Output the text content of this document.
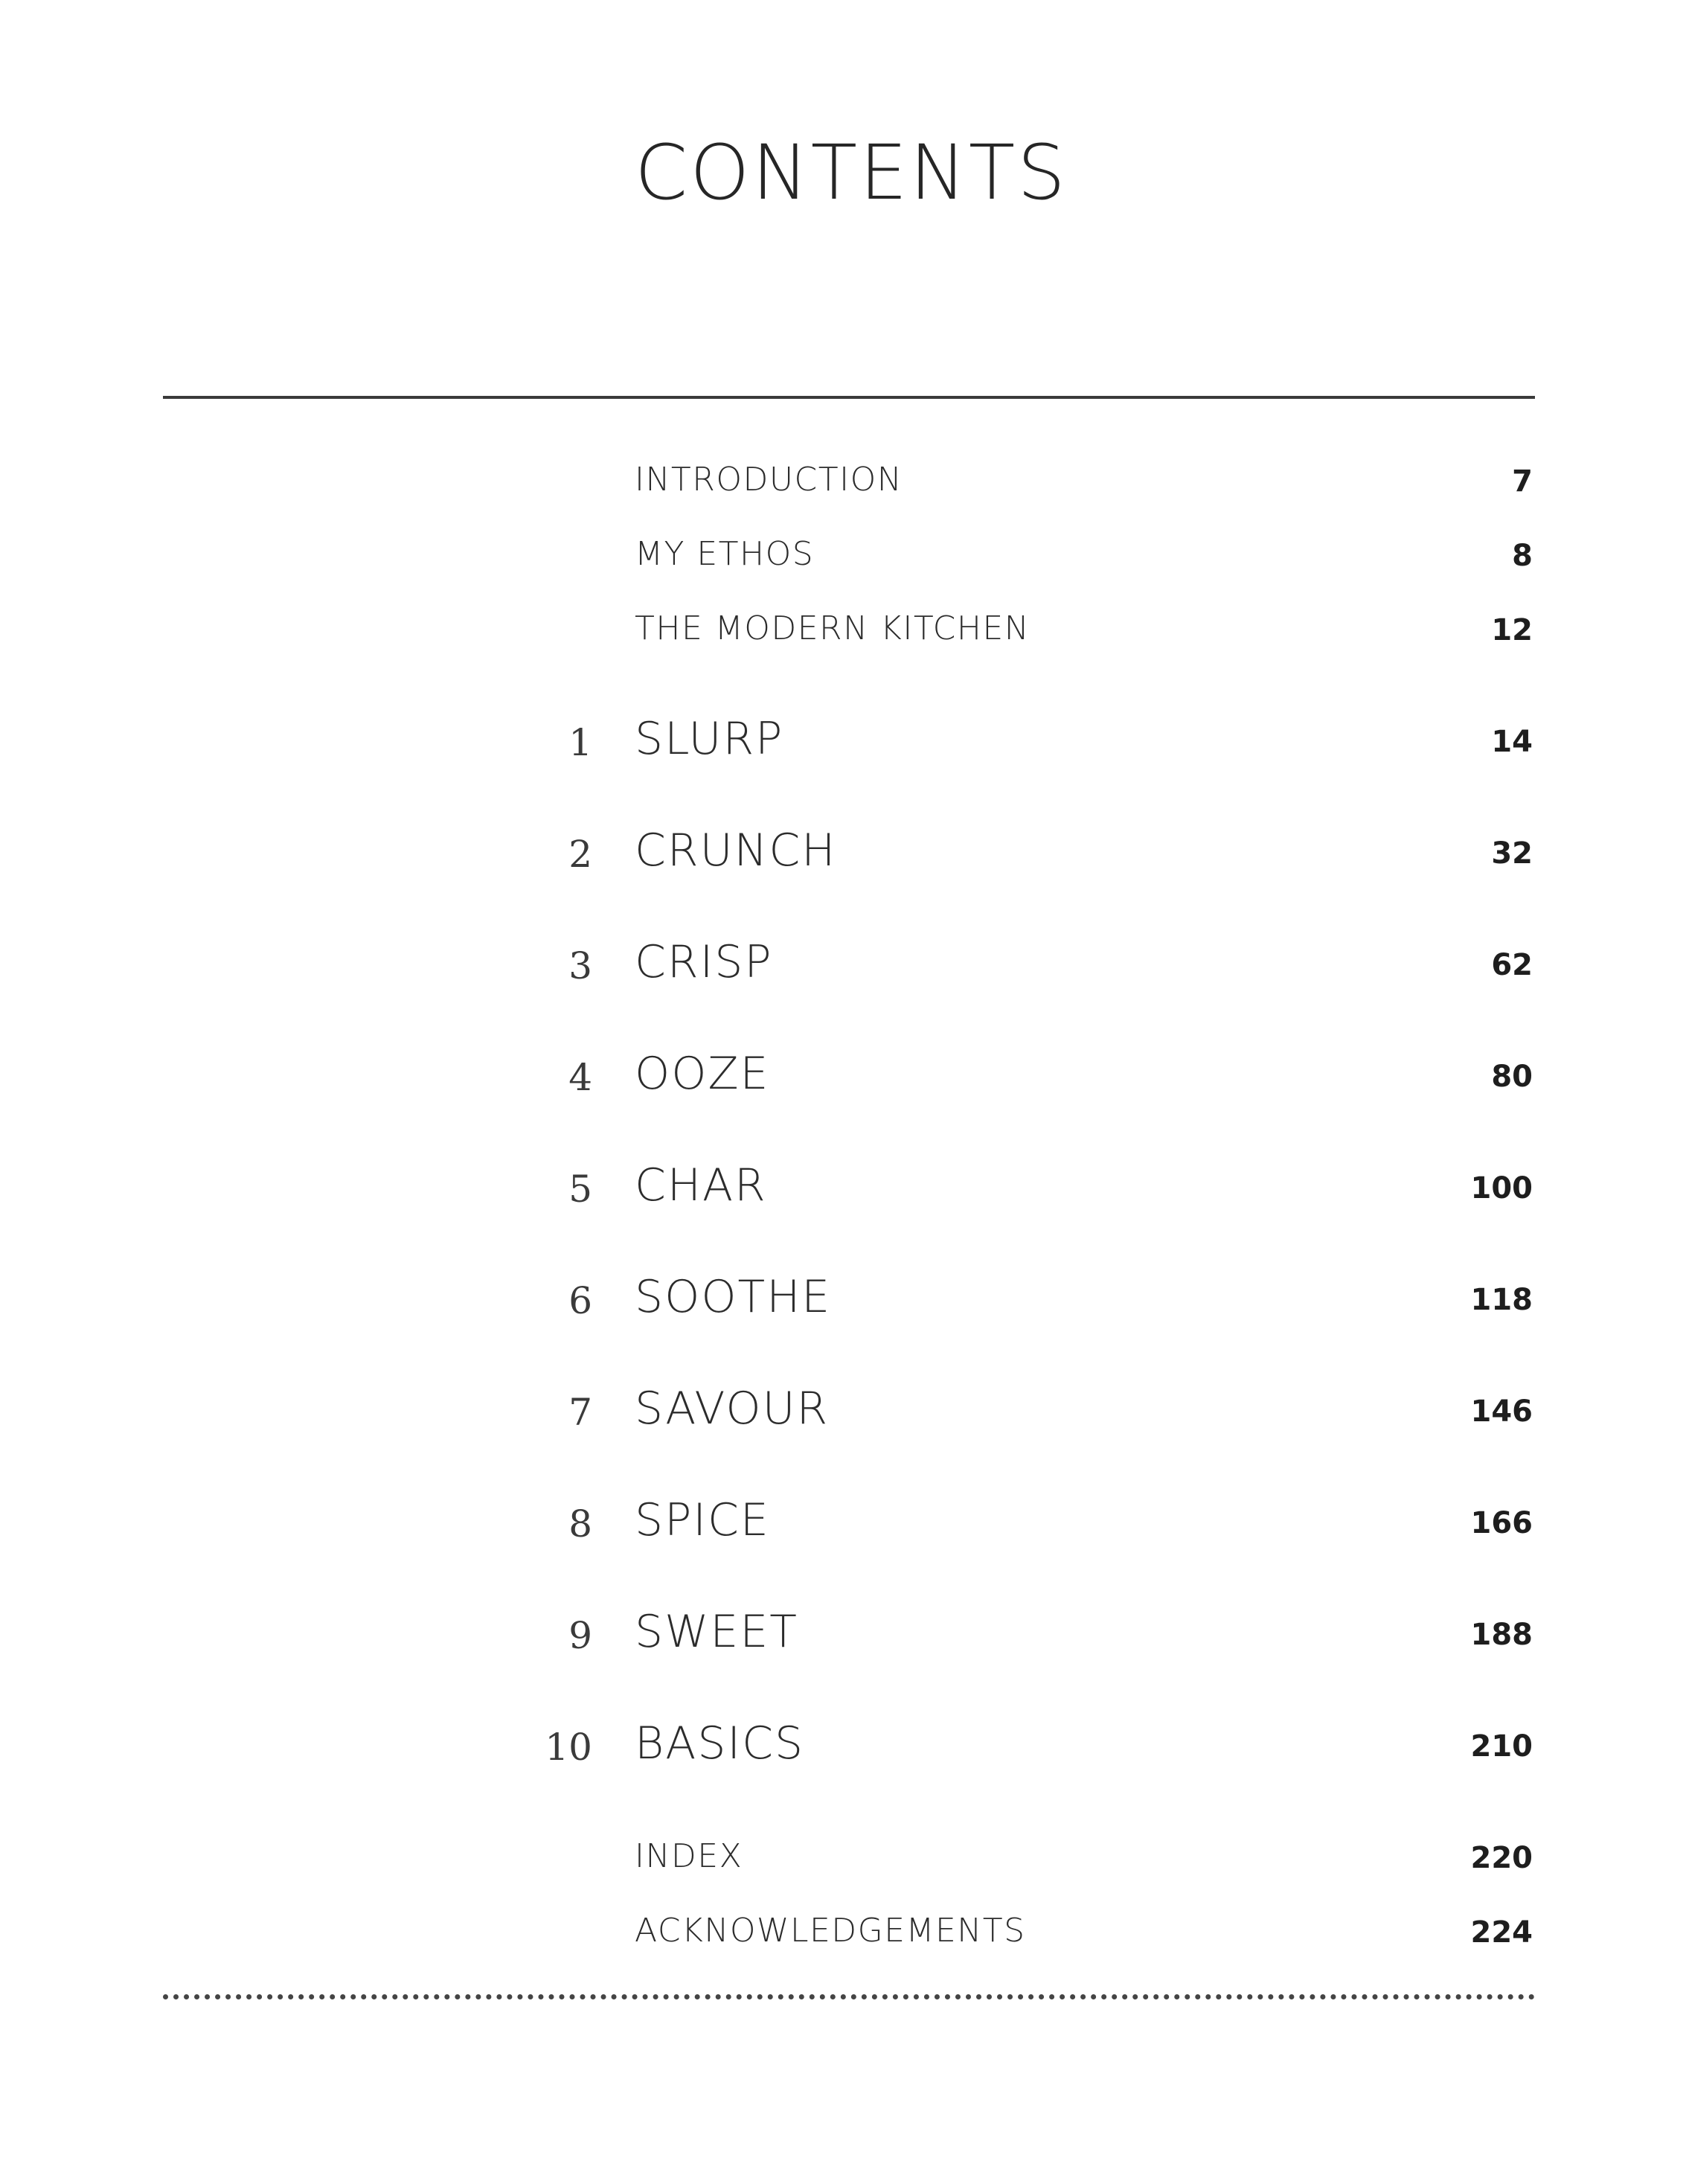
CONTENTS
INTRODUCTION	7
MY ETHOS	8
THE MODERN KITCHEN	12
1 SLURP	14
2 CRUNCH	32
3 CRISP	62
4 OOZE	80
5 CHAR	100
6 SOOTHE	118
7 SAVOUR	146
8 SPICE	166
9 SWEET	188
10 BASICS	210
INDEX	220
ACKNOWLEDGEMENTS	224
